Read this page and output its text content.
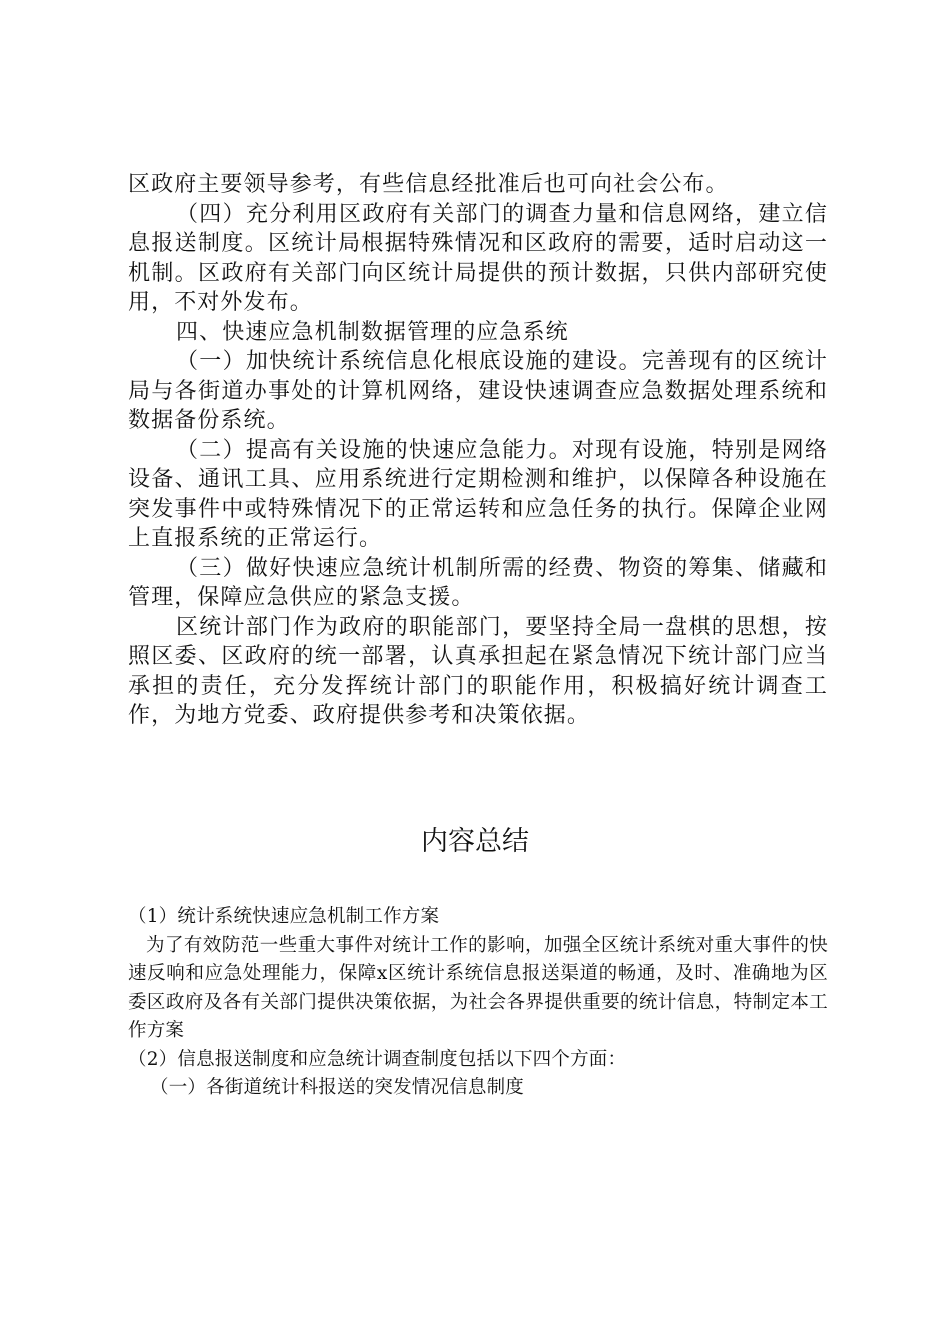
区政府主要领导参考，有些信息经批准后也可向社会公布。

（四）充分利用区政府有关部门的调查力量和信息网络，建立信息报送制度。区统计局根据特殊情况和区政府的需要，适时启动这一机制。区政府有关部门向区统计局提供的预计数据，只供内部研究使用，不对外发布。

四、快速应急机制数据管理的应急系统

（一）加快统计系统信息化根底设施的建设。完善现有的区统计局与各街道办事处的计算机网络，建设快速调查应急数据处理系统和数据备份系统。

（二）提高有关设施的快速应急能力。对现有设施，特别是网络设备、通讯工具、应用系统进行定期检测和维护，以保障各种设施在突发事件中或特殊情况下的正常运转和应急任务的执行。保障企业网上直报系统的正常运行。

（三）做好快速应急统计机制所需的经费、物资的筹集、储藏和管理，保障应急供应的紧急支援。

区统计部门作为政府的职能部门，要坚持全局一盘棋的思想，按照区委、区政府的统一部署，认真承担起在紧急情况下统计部门应当承担的责任，充分发挥统计部门的职能作用，积极搞好统计调查工作，为地方党委、政府提供参考和决策依据。

内容总结

（1）统计系统快速应急机制工作方案

为了有效防范一些重大事件对统计工作的影响，加强全区统计系统对重大事件的快速反响和应急处理能力，保障x区统计系统信息报送渠道的畅通，及时、准确地为区委区政府及各有关部门提供决策依据，为社会各界提供重要的统计信息，特制定本工作方案

（2）信息报送制度和应急统计调查制度包括以下四个方面：

（一）各街道统计科报送的突发情况信息制度
